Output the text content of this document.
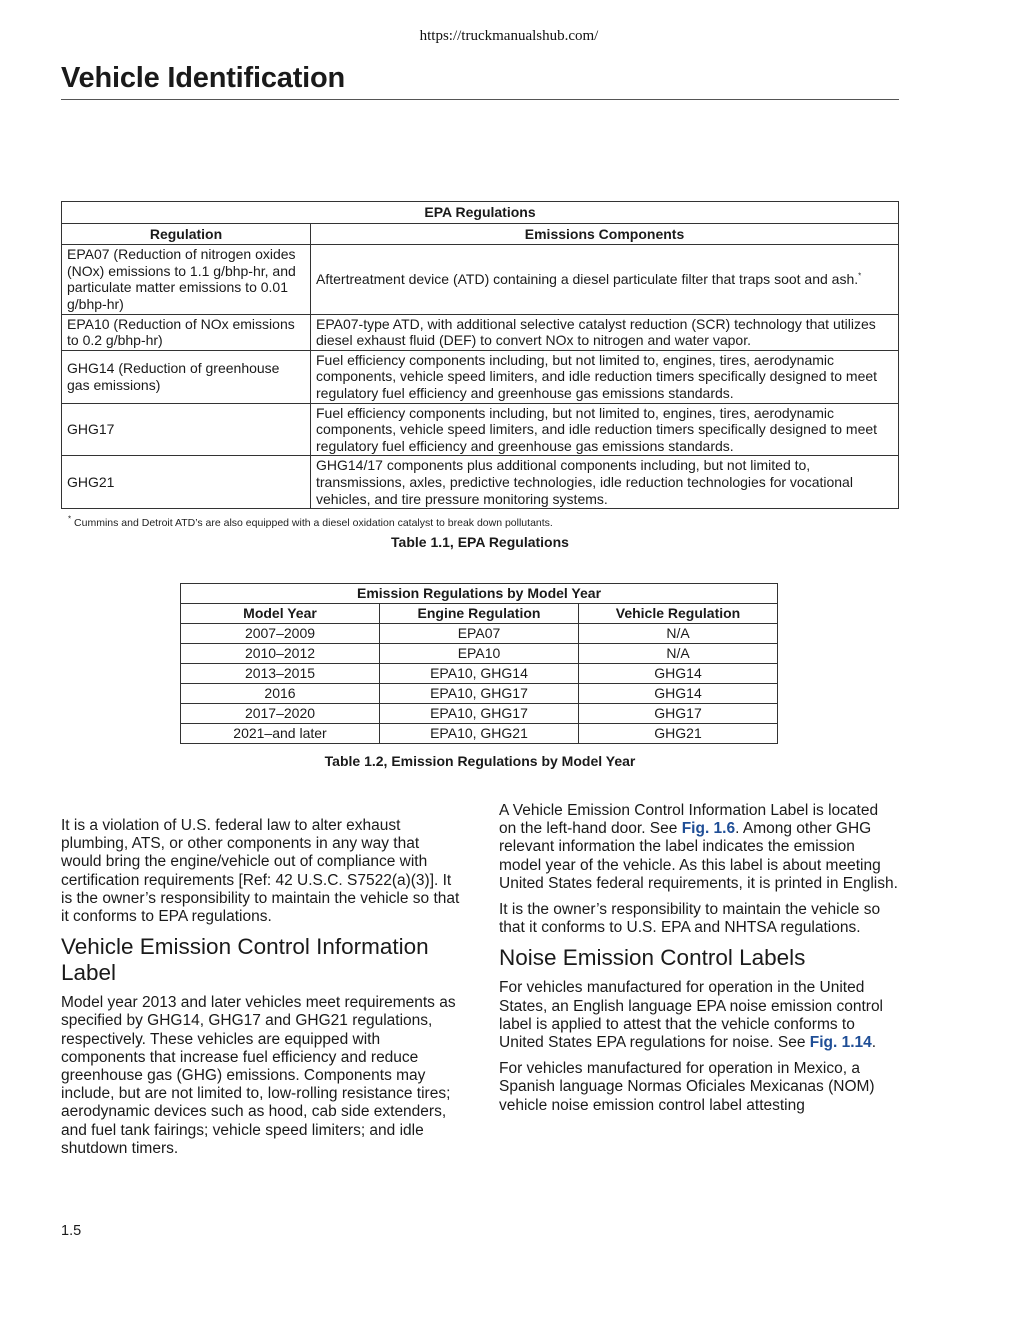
https://truckmanualshub.com/
Vehicle Identification
EPA Regulations	
Regulation	Emissions Components
EPA07 (Reduction of nitrogen oxides (NOx) emissions to 1.1 g/bhp-hr, and particulate matter emissions to 0.01 g/bhp-hr)	Aftertreatment device (ATD) containing a diesel particulate filter that traps soot and ash.*
EPA10 (Reduction of NOx emissions to 0.2 g/bhp-hr)	EPA07-type ATD, with additional selective catalyst reduction (SCR) technology that utilizes diesel exhaust fluid (DEF) to convert NOx to nitrogen and water vapor.
GHG14 (Reduction of greenhouse gas emissions)	Fuel efficiency components including, but not limited to, engines, tires, aerodynamic components, vehicle speed limiters, and idle reduction timers specifically designed to meet regulatory fuel efficiency and greenhouse gas emissions standards.
GHG17	Fuel efficiency components including, but not limited to, engines, tires, aerodynamic components, vehicle speed limiters, and idle reduction timers specifically designed to meet regulatory fuel efficiency and greenhouse gas emissions standards.
GHG21	GHG14/17 components plus additional components including, but not limited to, transmissions, axles, predictive technologies, idle reduction technologies for vocational vehicles, and tire pressure monitoring systems.
* Cummins and Detroit ATD’s are also equipped with a diesel oxidation catalyst to break down pollutants.
Table 1.1, EPA Regulations
Emission Regulations by Model Year		
Model Year	Engine Regulation	Vehicle Regulation
2007–2009	EPA07	N/A
2010–2012	EPA10	N/A
2013–2015	EPA10, GHG14	GHG14
2016	EPA10, GHG17	GHG14
2017–2020	EPA10, GHG17	GHG17
2021–and later	EPA10, GHG21	GHG21
Table 1.2, Emission Regulations by Model Year

It is a violation of U.S. federal law to alter exhaust plumbing, ATS, or other components in any way that would bring the engine/vehicle out of compliance with certification requirements [Ref: 42 U.S.C. S7522(a)(3)]. It is the owner’s responsibility to maintain the vehicle so that it conforms to EPA regulations.

Vehicle Emission Control Information Label

Model year 2013 and later vehicles meet requirements as specified by GHG14, GHG17 and GHG21 regulations, respectively. These vehicles are equipped with components that increase fuel efficiency and reduce greenhouse gas (GHG) emissions. Components may include, but are not limited to, low-rolling resistance tires; aerodynamic devices such as hood, cab side extenders, and fuel tank fairings; vehicle speed limiters; and idle shutdown timers.

A Vehicle Emission Control Information Label is located on the left-hand door. See Fig. 1.6. Among other GHG relevant information the label indicates the emission model year of the vehicle. As this label is about meeting United States federal requirements, it is printed in English.

It is the owner’s responsibility to maintain the vehicle so that it conforms to U.S. EPA and NHTSA regulations.

Noise Emission Control Labels

For vehicles manufactured for operation in the United States, an English language EPA noise emission control label is applied to attest that the vehicle conforms to United States EPA regulations for noise. See Fig. 1.14.

For vehicles manufactured for operation in Mexico, a Spanish language Normas Oficiales Mexicanas (NOM) vehicle noise emission control label attesting

1.5
